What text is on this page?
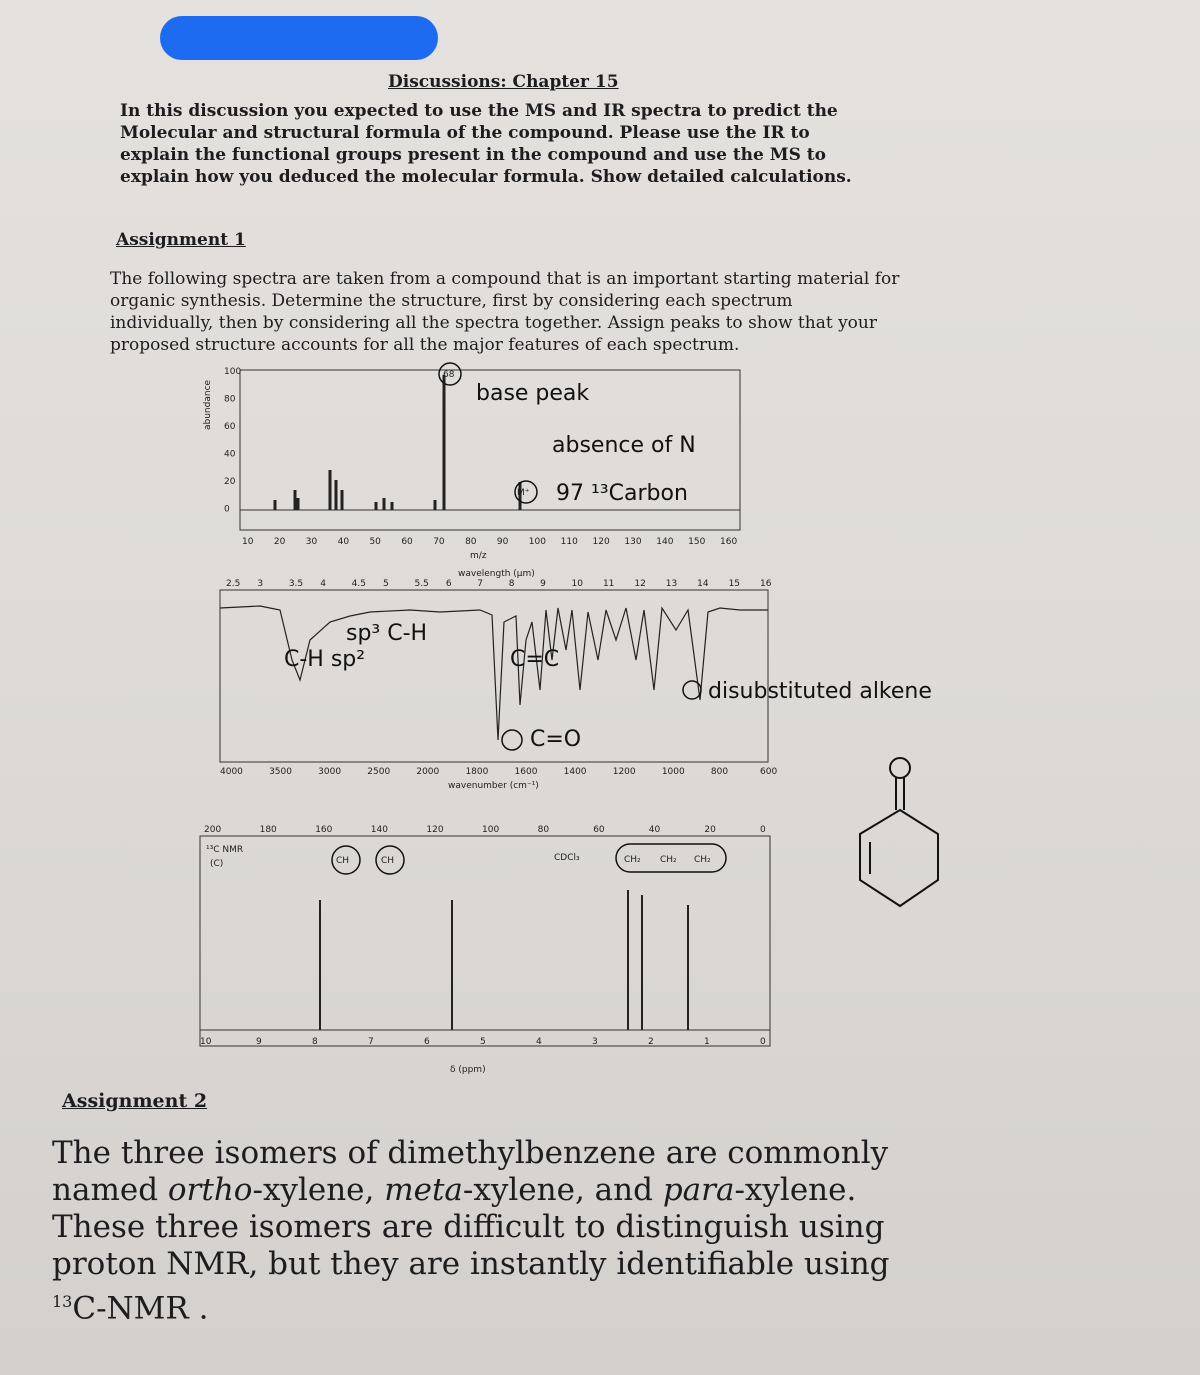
Discussions: Chapter 15
In this discussion you expected to use the MS and IR spectra to predict the Molecular and structural formula of the compound. Please use the IR to explain the functional groups present in the compound and use the MS to explain how you deduced the molecular formula. Show detailed calculations.
Assignment 1
The following spectra are taken from a compound that is an important starting material for organic synthesis. Determine the structure, first by considering each spectrum individually, then by considering all the spectra together. Assign peaks to show that your proposed structure accounts for all the major features of each spectrum.
abundance
100
80
60
40
20
0
10 20 30 40 50 60 70 80 90 100 110 120 130 140 150 160
m/z
68
M⁺
base peak
absence of N
97 ¹³Carbon
wavelength (μm)
2.5 3	3.5 4	4.5 5	5.5 6	7	8	9	10 11 12 13 14 15 16
4000	3500	3000	2500	2000	1800	1600	1400	1200	1000	800	600
wavenumber (cm⁻¹)
C-H sp²
sp³ C-H
C=C
C=O
disubstituted alkene
200	180	160	140	120	100	80	60	40	20	0
10	9	8	7	6	5	4	3	2	1	0
¹³C NMR
(C)
δ (ppm)
CH	CH	CDCl₃	CH₂ CH₂ CH₂
Assignment 2
The three isomers of dimethylbenzene are commonly named ortho-xylene, meta-xylene, and para-xylene. These three isomers are difficult to distinguish using proton NMR, but they are instantly identifiable using $^{13}$C-NMR .
